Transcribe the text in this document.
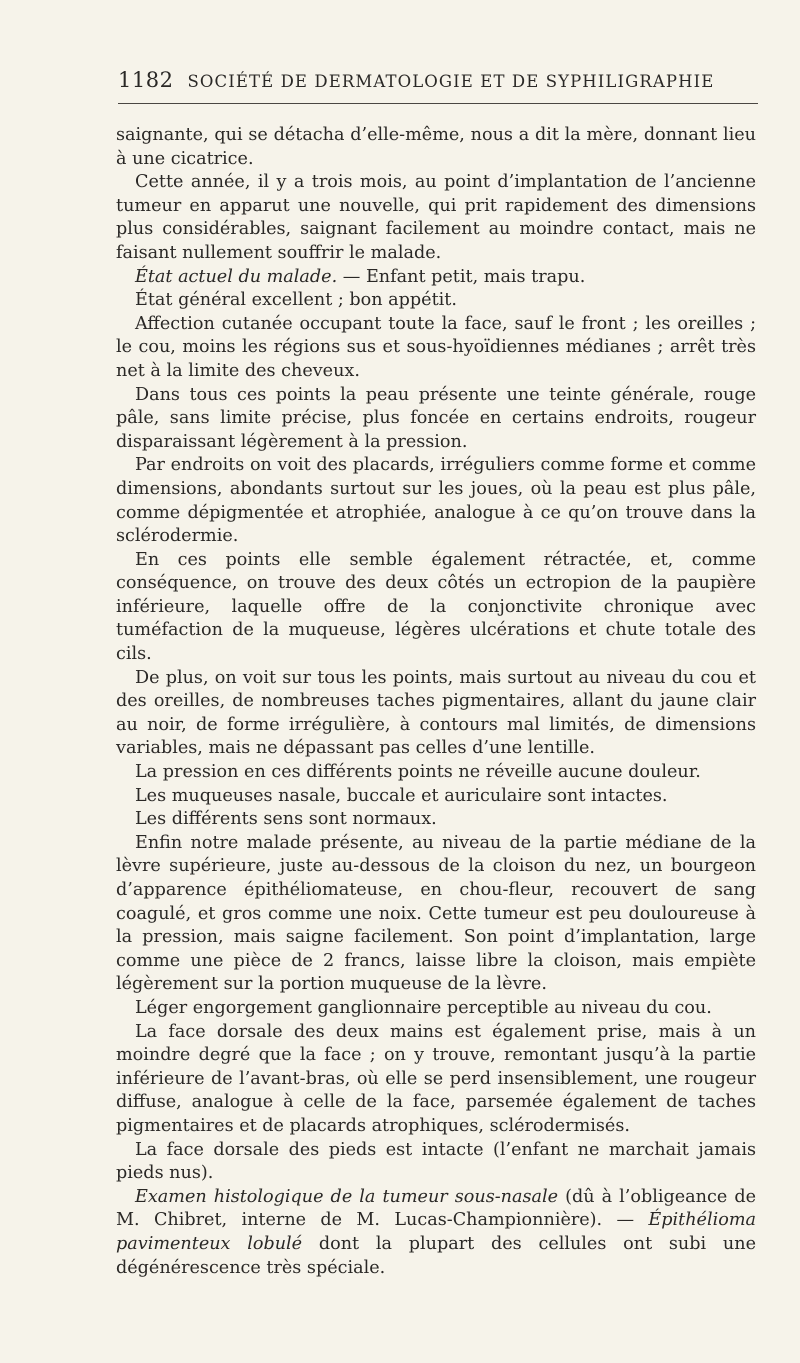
1182 SOCIÉTÉ DE DERMATOLOGIE ET DE SYPHILIGRAPHIE

saignante, qui se détacha d’elle-même, nous a dit la mère, donnant lieu à une cicatrice.

Cette année, il y a trois mois, au point d’implantation de l’ancienne tumeur en apparut une nouvelle, qui prit rapidement des dimensions plus considérables, saignant facilement au moindre contact, mais ne faisant nullement souffrir le malade.

État actuel du malade. — Enfant petit, mais trapu.

État général excellent ; bon appétit.

Affection cutanée occupant toute la face, sauf le front ; les oreilles ; le cou, moins les régions sus et sous-hyoïdiennes médianes ; arrêt très net à la limite des cheveux.

Dans tous ces points la peau présente une teinte générale, rouge pâle, sans limite précise, plus foncée en certains endroits, rougeur disparaissant légèrement à la pression.

Par endroits on voit des placards, irréguliers comme forme et comme dimensions, abondants surtout sur les joues, où la peau est plus pâle, comme dépigmentée et atrophiée, analogue à ce qu’on trouve dans la sclérodermie.

En ces points elle semble également rétractée, et, comme conséquence, on trouve des deux côtés un ectropion de la paupière inférieure, laquelle offre de la conjonctivite chronique avec tuméfaction de la muqueuse, légères ulcérations et chute totale des cils.

De plus, on voit sur tous les points, mais surtout au niveau du cou et des oreilles, de nombreuses taches pigmentaires, allant du jaune clair au noir, de forme irrégulière, à contours mal limités, de dimensions variables, mais ne dépassant pas celles d’une lentille.

La pression en ces différents points ne réveille aucune douleur.

Les muqueuses nasale, buccale et auriculaire sont intactes.

Les différents sens sont normaux.

Enfin notre malade présente, au niveau de la partie médiane de la lèvre supérieure, juste au-dessous de la cloison du nez, un bourgeon d’apparence épithéliomateuse, en chou-fleur, recouvert de sang coagulé, et gros comme une noix. Cette tumeur est peu douloureuse à la pression, mais saigne facilement. Son point d’implantation, large comme une pièce de 2 francs, laisse libre la cloison, mais empiète légèrement sur la portion muqueuse de la lèvre.

Léger engorgement ganglionnaire perceptible au niveau du cou.

La face dorsale des deux mains est également prise, mais à un moindre degré que la face ; on y trouve, remontant jusqu’à la partie inférieure de l’avant-bras, où elle se perd insensiblement, une rougeur diffuse, analogue à celle de la face, parsemée également de taches pigmentaires et de placards atrophiques, sclérodermisés.

La face dorsale des pieds est intacte (l’enfant ne marchait jamais pieds nus).

Examen histologique de la tumeur sous-nasale (dû à l’obligeance de M. Chibret, interne de M. Lucas-Championnière). — Épithélioma pavimenteux lobulé dont la plupart des cellules ont subi une dégénérescence très spéciale.
